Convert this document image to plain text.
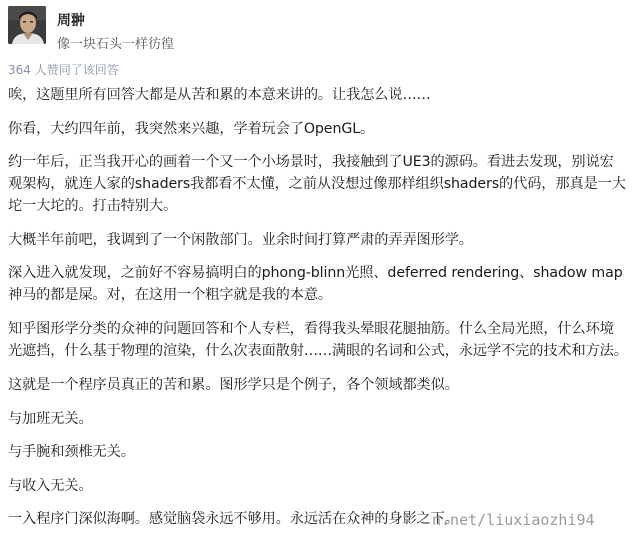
周翀
像一块石头一样彷徨
364 人赞同了该回答

唉，这题里所有回答大都是从苦和累的本意来讲的。让我怎么说……

你看，大约四年前，我突然来兴趣，学着玩会了OpenGL。

约一年后，正当我开心的画着一个又一个小场景时，我接触到了UE3的源码。看进去发现，别说宏
观架构，就连人家的shaders我都看不太懂，之前从没想过像那样组织shaders的代码，那真是一大
坨一大坨的。打击特别大。

大概半年前吧，我调到了一个闲散部门。业余时间打算严肃的弄弄图形学。

深入进入就发现，之前好不容易搞明白的phong-blinn光照、deferred rendering、shadow map
神马的都是屎。对，在这用一个粗字就是我的本意。

知乎图形学分类的众神的问题回答和个人专栏，看得我头晕眼花腿抽筋。什么全局光照，什么环境
光遮挡，什么基于物理的渲染，什么次表面散射……满眼的名词和公式，永远学不完的技术和方法。

这就是一个程序员真正的苦和累。图形学只是个例子，各个领域都类似。

与加班无关。

与手腕和颈椎无关。

与收入无关。

一入程序门深似海啊。感觉脑袋永远不够用。永远活在众神的身影之下。

n.net/liuxiaozhi94
